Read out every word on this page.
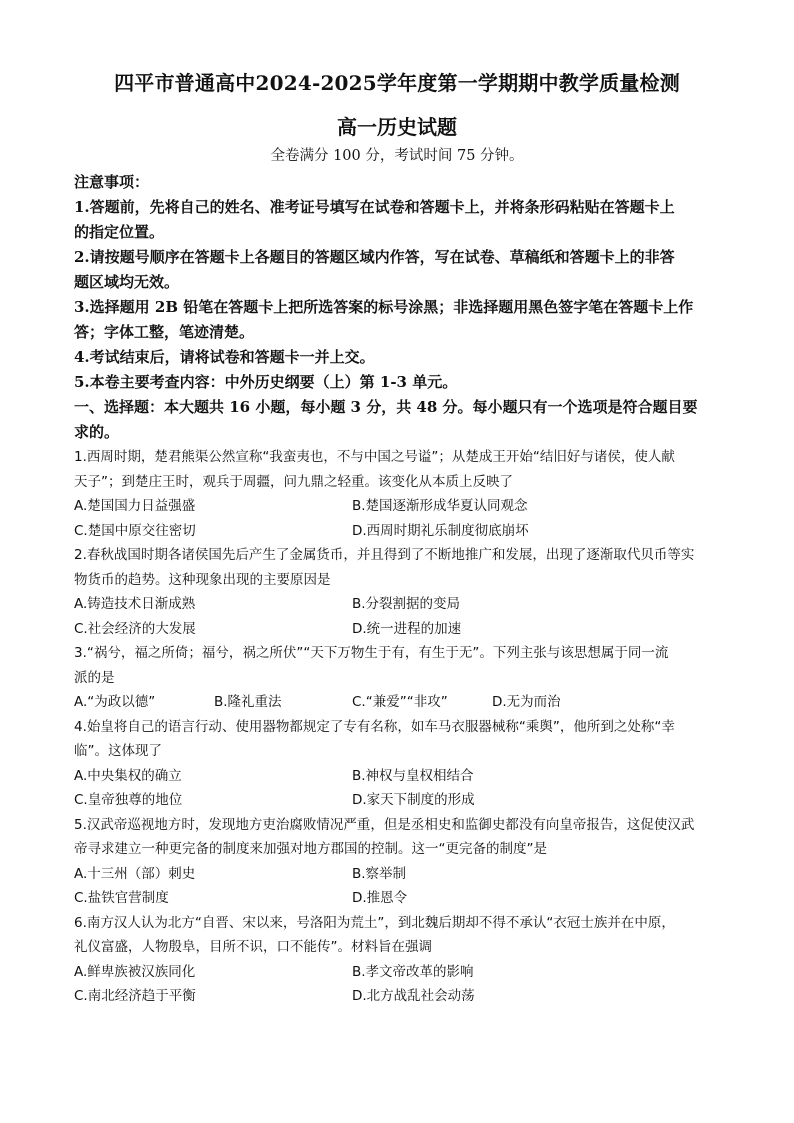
四平市普通高中2024-2025学年度第一学期期中教学质量检测
高一历史试题
全卷满分 100 分，考试时间 75 分钟。
注意事项：
1.答题前，先将自己的姓名、准考证号填写在试卷和答题卡上，并将条形码粘贴在答题卡上
的指定位置。
2.请按题号顺序在答题卡上各题目的答题区域内作答，写在试卷、草稿纸和答题卡上的非答
题区域均无效。
3.选择题用 2B 铅笔在答题卡上把所选答案的标号涂黑；非选择题用黑色签字笔在答题卡上作
答；字体工整，笔迹清楚。
4.考试结束后，请将试卷和答题卡一并上交。
5.本卷主要考查内容：中外历史纲要（上）第 1-3 单元。
一、选择题：本大题共 16 小题，每小题 3 分，共 48 分。每小题只有一个选项是符合题目要
求的。
1.西周时期，楚君熊渠公然宣称“我蛮夷也，不与中国之号谥”；从楚成王开始“结旧好与诸侯，使人献
天子”；到楚庄王时，观兵于周疆，问九鼎之轻重。该变化从本质上反映了
A.楚国国力日益强盛	B.楚国逐渐形成华夏认同观念
C.楚国中原交往密切	D.西周时期礼乐制度彻底崩坏
2.春秋战国时期各诸侯国先后产生了金属货币，并且得到了不断地推广和发展，出现了逐渐取代贝币等实
物货币的趋势。这种现象出现的主要原因是
A.铸造技术日渐成熟	B.分裂割据的变局
C.社会经济的大发展	D.统一进程的加速
3.“祸兮，福之所倚；福兮，祸之所伏”“天下万物生于有，有生于无”。下列主张与该思想属于同一流
派的是
A.“为政以德”	B.隆礼重法	C.“兼爱”“非攻”	D.无为而治
4.始皇将自己的语言行动、使用器物都规定了专有名称，如车马衣服器械称“乘舆”，他所到之处称“幸
临”。这体现了
A.中央集权的确立	B.神权与皇权相结合
C.皇帝独尊的地位	D.家天下制度的形成
5.汉武帝巡视地方时，发现地方吏治腐败情况严重，但是丞相史和监御史都没有向皇帝报告，这促使汉武
帝寻求建立一种更完备的制度来加强对地方郡国的控制。这一“更完备的制度”是
A.十三州（部）刺史	B.察举制
C.盐铁官营制度	D.推恩令
6.南方汉人认为北方“自晋、宋以来，号洛阳为荒土”，到北魏后期却不得不承认“衣冠士族并在中原，
礼仪富盛，人物殷阜，目所不识，口不能传”。材料旨在强调
A.鲜卑族被汉族同化	B.孝文帝改革的影响
C.南北经济趋于平衡	D.北方战乱社会动荡
